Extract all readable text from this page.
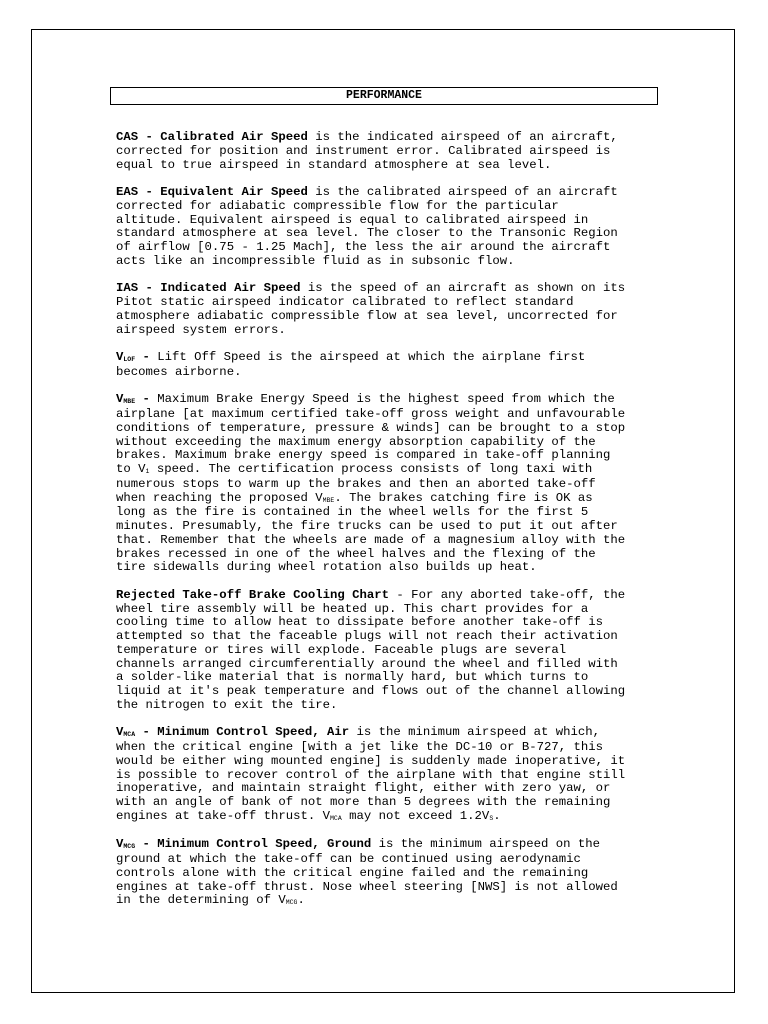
PERFORMANCE

CAS - Calibrated Air Speed is the indicated airspeed of an aircraft,
corrected for position and instrument error. Calibrated airspeed is
equal to true airspeed in standard atmosphere at sea level.

EAS - Equivalent Air Speed is the calibrated airspeed of an aircraft
corrected for adiabatic compressible flow for the particular
altitude. Equivalent airspeed is equal to calibrated airspeed in
standard atmosphere at sea level. The closer to the Transonic Region
of airflow [0.75 - 1.25 Mach], the less the air around the aircraft
acts like an incompressible fluid as in subsonic flow.

IAS - Indicated Air Speed is the speed of an aircraft as shown on its
Pitot static airspeed indicator calibrated to reflect standard
atmosphere adiabatic compressible flow at sea level, uncorrected for
airspeed system errors.

VLOF - Lift Off Speed is the airspeed at which the airplane first
becomes airborne.

VMBE - Maximum Brake Energy Speed is the highest speed from which the
airplane [at maximum certified take-off gross weight and unfavourable
conditions of temperature, pressure & winds] can be brought to a stop
without exceeding the maximum energy absorption capability of the
brakes. Maximum brake energy speed is compared in take-off planning
to V1 speed. The certification process consists of long taxi with
numerous stops to warm up the brakes and then an aborted take-off
when reaching the proposed VMBE. The brakes catching fire is OK as
long as the fire is contained in the wheel wells for the first 5
minutes. Presumably, the fire trucks can be used to put it out after
that. Remember that the wheels are made of a magnesium alloy with the
brakes recessed in one of the wheel halves and the flexing of the
tire sidewalls during wheel rotation also builds up heat.

Rejected Take-off Brake Cooling Chart - For any aborted take-off, the
wheel tire assembly will be heated up. This chart provides for a
cooling time to allow heat to dissipate before another take-off is
attempted so that the faceable plugs will not reach their activation
temperature or tires will explode. Faceable plugs are several
channels arranged circumferentially around the wheel and filled with
a solder-like material that is normally hard, but which turns to
liquid at it's peak temperature and flows out of the channel allowing
the nitrogen to exit the tire.

VMCA - Minimum Control Speed, Air is the minimum airspeed at which,
when the critical engine [with a jet like the DC-10 or B-727, this
would be either wing mounted engine] is suddenly made inoperative, it
is possible to recover control of the airplane with that engine still
inoperative, and maintain straight flight, either with zero yaw, or
with an angle of bank of not more than 5 degrees with the remaining
engines at take-off thrust. VMCA may not exceed 1.2VS.

VMCG - Minimum Control Speed, Ground is the minimum airspeed on the
ground at which the take-off can be continued using aerodynamic
controls alone with the critical engine failed and the remaining
engines at take-off thrust. Nose wheel steering [NWS] is not allowed
in the determining of VMCG.
